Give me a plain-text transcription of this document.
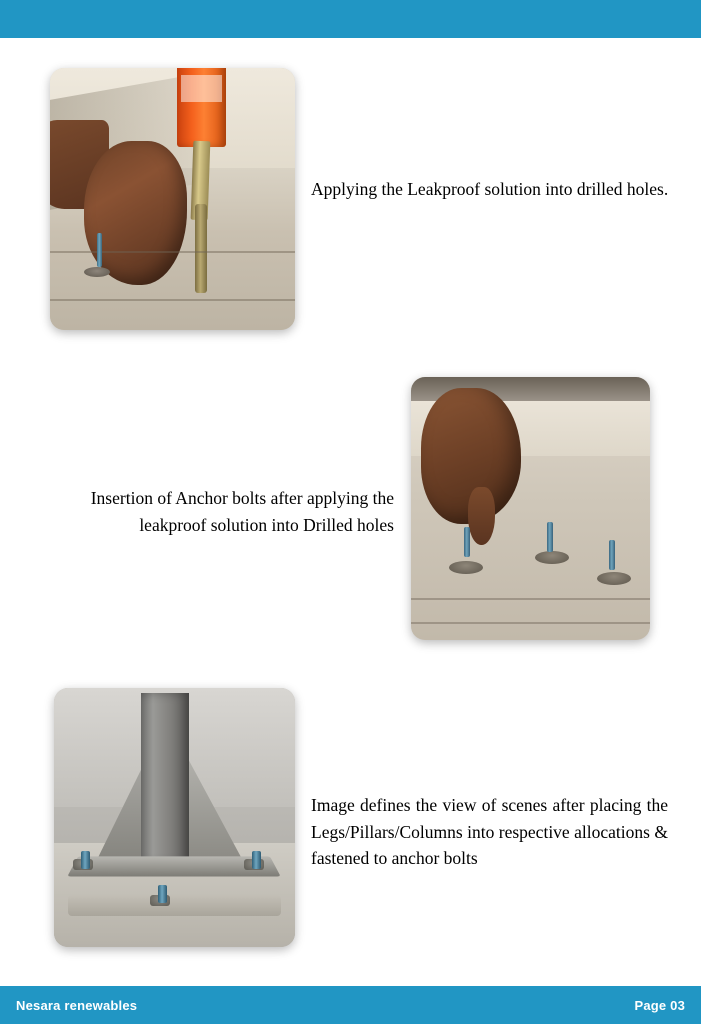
Applying the Leakproof solution into drilled holes.
Insertion of Anchor bolts after applying the leakproof solution into Drilled holes
Image defines the view of scenes after placing the Legs/Pillars/Columns into respective allocations & fastened to anchor bolts
Nesara renewables	Page 03
